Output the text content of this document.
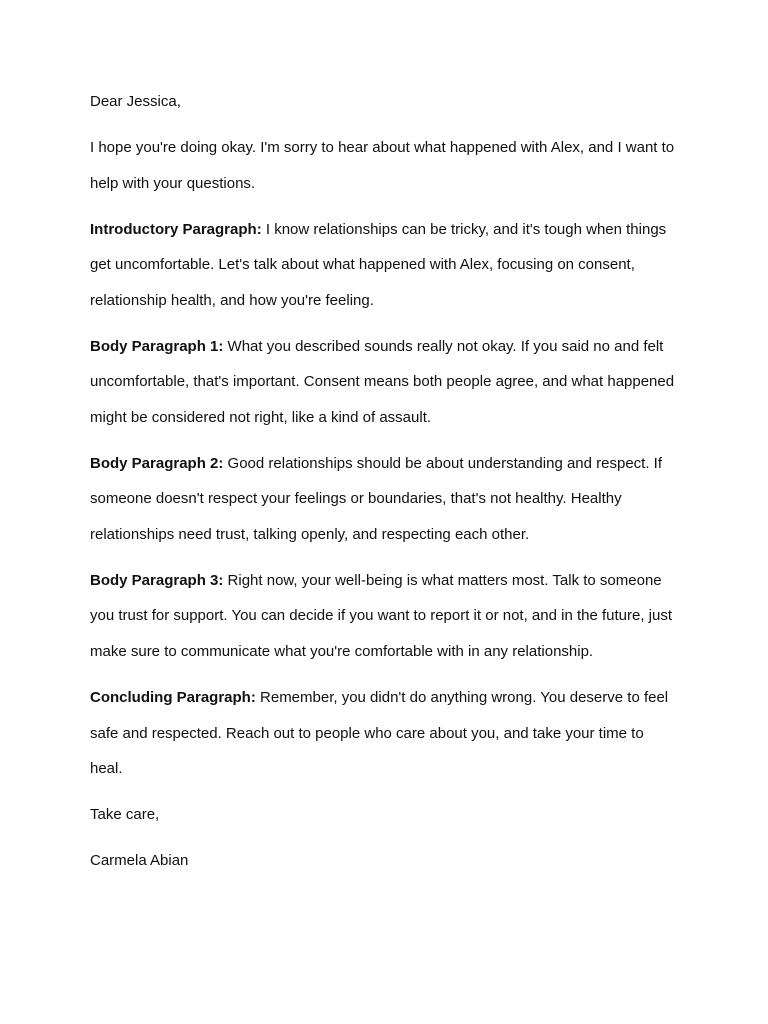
Dear Jessica,

I hope you're doing okay. I'm sorry to hear about what happened with Alex, and I want to help with your questions.

Introductory Paragraph: I know relationships can be tricky, and it's tough when things get uncomfortable. Let's talk about what happened with Alex, focusing on consent, relationship health, and how you're feeling.

Body Paragraph 1: What you described sounds really not okay. If you said no and felt uncomfortable, that's important. Consent means both people agree, and what happened might be considered not right, like a kind of assault.

Body Paragraph 2: Good relationships should be about understanding and respect. If someone doesn't respect your feelings or boundaries, that's not healthy. Healthy relationships need trust, talking openly, and respecting each other.

Body Paragraph 3: Right now, your well-being is what matters most. Talk to someone you trust for support. You can decide if you want to report it or not, and in the future, just make sure to communicate what you're comfortable with in any relationship.

Concluding Paragraph: Remember, you didn't do anything wrong. You deserve to feel safe and respected. Reach out to people who care about you, and take your time to heal.

Take care,

Carmela Abian
